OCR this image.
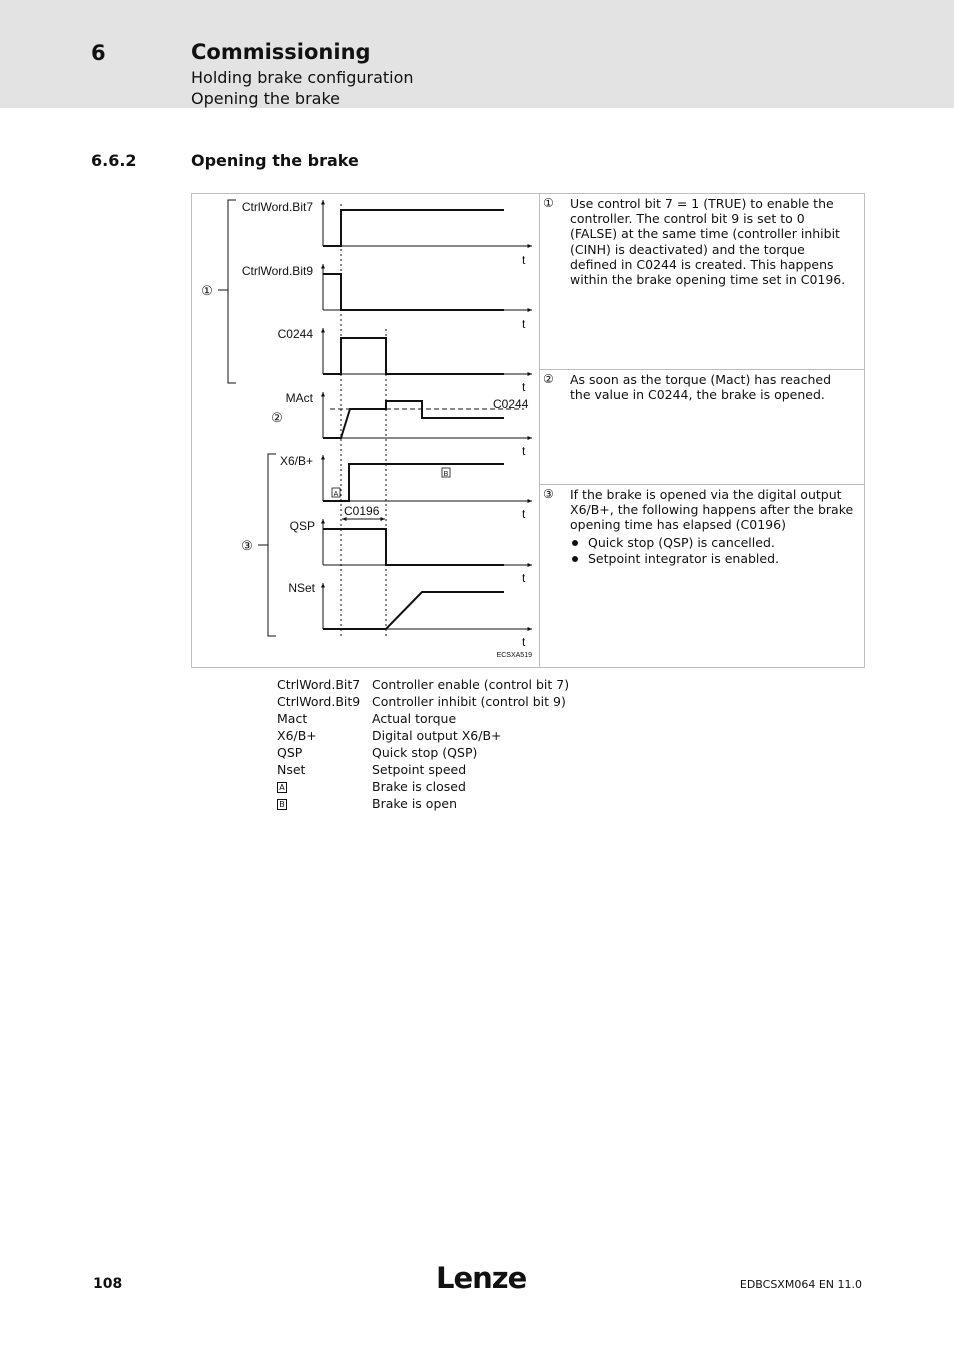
6	Commissioning
Holding brake configuration
Opening the brake
6.6.2	Opening the brake
CtrlWord.Bit7
CtrlWord.Bit9
C0244
MAct
X6/B+
QSP
NSet
t
t
t
t
t
t
t
C0244
C0196
A
B
①
②
③
ECSXA519
① Use control bit 7 = 1 (TRUE) to enable the controller. The control bit 9 is set to 0 (FALSE) at the same time (controller inhibit (CINH) is deactivated) and the torque defined in C0244 is created. This happens within the brake opening time set in C0196.
② As soon as the torque (Mact) has reached the value in C0244, the brake is opened.
③ If the brake is opened via the digital output X6/B+, the following happens after the brake opening time has elapsed (C0196)
Quick stop (QSP) is cancelled.
Setpoint integrator is enabled.
CtrlWord.Bit7 Controller enable (control bit 7)
CtrlWord.Bit9 Controller inhibit (control bit 9)
Mact	Actual torque
X6/B+	Digital output X6/B+
QSP	Quick stop (QSP)
Nset	Setpoint speed
A	Brake is closed
B	Brake is open
108	Lenze	EDBCSXM064 EN 11.0
